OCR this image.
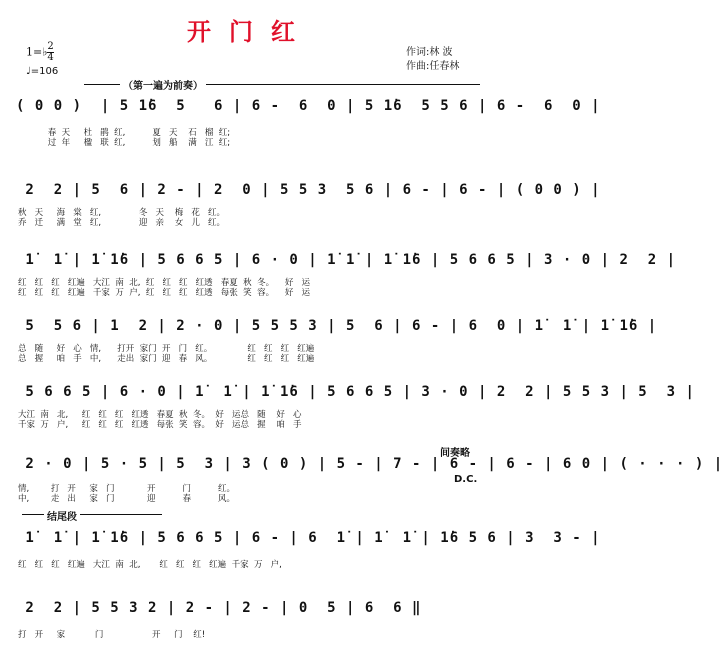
开门红
1=♭ $\frac{2}{4}$
♩=106
作词:林 波
作曲:任春林
（第一遍为前奏）
( 0 0 )  | 5 1̇6  5   6 | 6 -  6  0 | 5 1̇6  5 5 6 | 6 -  6  0 |
春  天     杜   鹃  红,          夏   天    石   榴  红;
过  年     楹   联  红,          划   船    满   江  红;
2  2 | 5  6 | 2 - | 2  0 | 5 5 3  5 6 | 6 - | 6 - | ( 0 0 ) |
秋   天     海   棠   红,              冬   天    梅   花   红。
乔   迁     满   堂   红,              迎   亲    女   儿   红。
1̇  1̇ | 1̇ 1̇6 | 5 6 6 5 | 6 · 0 | 1̇ 1̇ | 1̇ 1̇6 | 5 6 6 5 | 3 · 0 | 2  2 |
红   红   红   红遍   大江  南  北,  红   红   红   红透   春夏  秋  冬。    好   运
红   红   红   红遍   千家  万  户,  红   红   红   红透   每张  笑  容。    好   运
5  5 6 | 1  2 | 2 · 0 | 5 5 5 3 | 5  6 | 6 - | 6  0 | 1̇  1̇ | 1̇ 1̇6 |
总   随     好   心   情,      打开  家门  开   门   红。             红   红   红   红遍
总   握     咱   手   中,      走出  家门  迎   春   风。             红   红   红   红遍
5 6 6 5 | 6 · 0 | 1̇  1̇ | 1̇ 1̇6 | 5 6 6 5 | 3 · 0 | 2  2 | 5 5 3 | 5  3 |
大江  南   北,     红   红   红   红透   春夏  秋  冬。  好   运总   随    好   心
千家  万   户,     红   红   红   红透   每张  笑  容。  好   运总   握    咱   手
间奏略
2 · 0 | 5 · 5 | 5  3 | 3 ( 0 ) | 5 - | 7 - | 6 - | 6 - | 6 0 | ( · · · ) |
D.C.
情,        打   开     家   门            开          门          红。
中,        走   出     家   门            迎          春          风。
结尾段
1̇  1̇ | 1̇ 1̇6 | 5 6 6 5 | 6 - | 6  1̇ | 1̇  1̇ | 1̇6 5 6 | 3  3 - |
红   红   红   红遍   大江  南  北,       红   红   红   红遍  千家  万   户,
2  2 | 5 5 3 2 | 2 - | 2 - | 0  5 | 6  6 ‖
打   开     家           门                  开     门    红!
